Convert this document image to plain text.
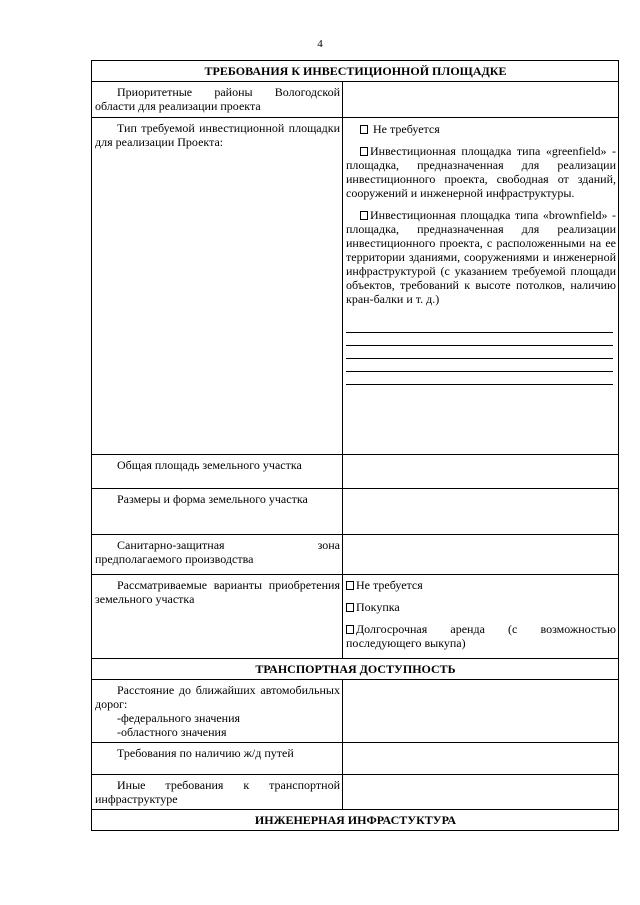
4
ТРЕБОВАНИЯ К ИНВЕСТИЦИОННОЙ ПЛОЩАДКЕ	
Приоритетные районы Вологодской области для реализации проекта	
Тип требуемой инвестиционной площадки для реализации Проекта:	Не требуется

Инвестиционная площадка типа «greenfield» - площадка, предназначенная для реализации инвестиционного проекта, свободная от зданий, сооружений и инженерной инфраструктуры.

Инвестиционная площадка типа «brownfield» - площадка, предназначенная для реализации инвестиционного проекта, с расположенными на ее территории зданиями, сооружениями и инженерной инфраструктурой (с указанием требуемой площади объектов, требований к высоте потолков, наличию кран-балки и т. д.)

Общая площадь земельного участка	
Размеры и форма земельного участка	
Санитарно-защитная зона предполагаемого производства	
Рассматриваемые варианты приобретения земельного участка	Не требуется

Покупка

Долгосрочная аренда (с возможностью последующего выкупа)

ТРАНСПОРТНАЯ ДОСТУПНОСТЬ	

Расстояние до ближайших автомобильных дорог:

-федерального значения

-областного значения	

Требования по наличию ж/д путей	
Иные требования к транспортной инфраструктуре	
ИНЖЕНЕРНАЯ ИНФРАСТУКТУРА	
